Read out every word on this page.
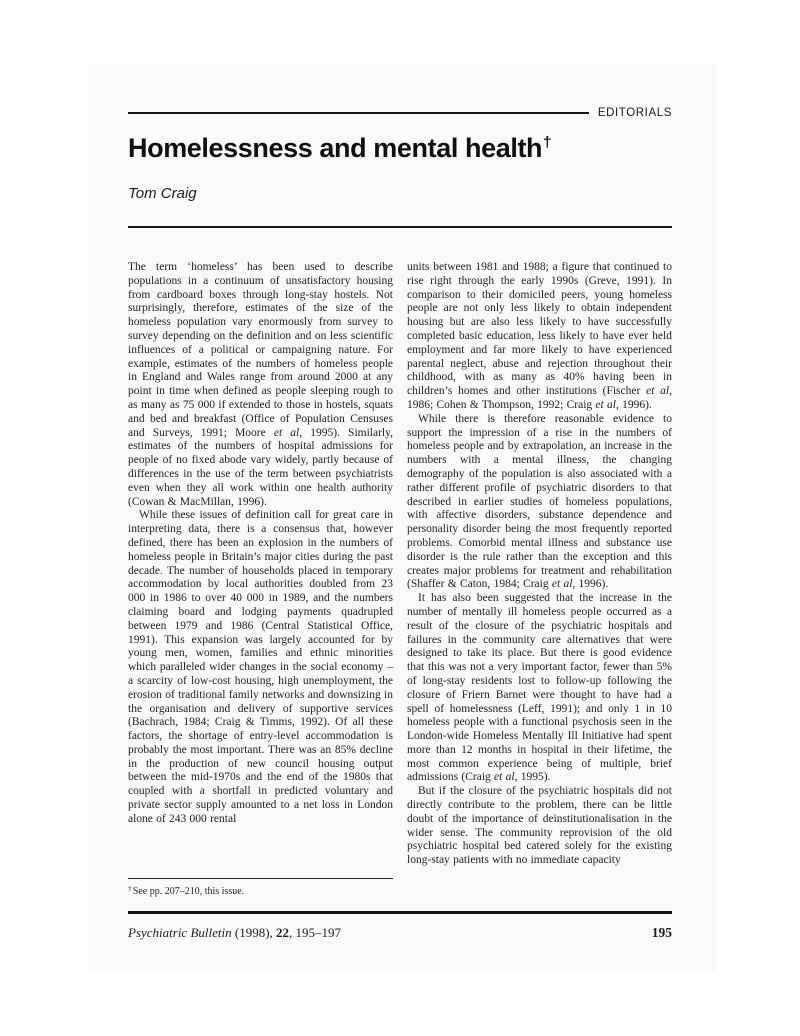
EDITORIALS
Homelessness and mental health†
Tom Craig

The term ‘homeless’ has been used to describe populations in a continuum of unsatisfactory housing from cardboard boxes through long-stay hostels. Not surprisingly, therefore, estimates of the size of the homeless population vary enormously from survey to survey depending on the definition and on less scientific influences of a political or campaigning nature. For example, estimates of the numbers of homeless people in England and Wales range from around 2000 at any point in time when defined as people sleeping rough to as many as 75 000 if extended to those in hostels, squats and bed and breakfast (Office of Population Censuses and Surveys, 1991; Moore et al, 1995). Similarly, estimates of the numbers of hospital admissions for people of no fixed abode vary widely, partly because of differences in the use of the term between psychiatrists even when they all work within one health authority (Cowan & MacMillan, 1996).

While these issues of definition call for great care in interpreting data, there is a consensus that, however defined, there has been an explosion in the numbers of homeless people in Britain’s major cities during the past decade. The number of households placed in temporary accommodation by local authorities doubled from 23 000 in 1986 to over 40 000 in 1989, and the numbers claiming board and lodging payments quadrupled between 1979 and 1986 (Central Statistical Office, 1991). This expansion was largely accounted for by young men, women, families and ethnic minorities which paralleled wider changes in the social economy – a scarcity of low-cost housing, high unemployment, the erosion of traditional family networks and downsizing in the organisation and delivery of supportive services (Bachrach, 1984; Craig & Timms, 1992). Of all these factors, the shortage of entry-level accommodation is probably the most important. There was an 85% decline in the production of new council housing output between the mid-1970s and the end of the 1980s that coupled with a shortfall in predicted voluntary and private sector supply amounted to a net loss in London alone of 243 000 rental

units between 1981 and 1988; a figure that continued to rise right through the early 1990s (Greve, 1991). In comparison to their domiciled peers, young homeless people are not only less likely to obtain independent housing but are also less likely to have successfully completed basic education, less likely to have ever held employment and far more likely to have experienced parental neglect, abuse and rejection throughout their childhood, with as many as 40% having been in children’s homes and other institutions (Fischer et al, 1986; Cohen & Thompson, 1992; Craig et al, 1996).

While there is therefore reasonable evidence to support the impression of a rise in the numbers of homeless people and by extrapolation, an increase in the numbers with a mental illness, the changing demography of the population is also associated with a rather different profile of psychiatric disorders to that described in earlier studies of homeless populations, with affective disorders, substance dependence and personality disorder being the most frequently reported problems. Comorbid mental illness and substance use disorder is the rule rather than the exception and this creates major problems for treatment and rehabilitation (Shaffer & Caton, 1984; Craig et al, 1996).

It has also been suggested that the increase in the number of mentally ill homeless people occurred as a result of the closure of the psychiatric hospitals and failures in the community care alternatives that were designed to take its place. But there is good evidence that this was not a very important factor, fewer than 5% of long-stay residents lost to follow-up following the closure of Friern Barnet were thought to have had a spell of homelessness (Leff, 1991); and only 1 in 10 homeless people with a functional psychosis seen in the London-wide Homeless Mentally Ill Initiative had spent more than 12 months in hospital in their lifetime, the most common experience being of multiple, brief admissions (Craig et al, 1995).

But if the closure of the psychiatric hospitals did not directly contribute to the problem, there can be little doubt of the importance of deinstitutionalisation in the wider sense. The community reprovision of the old psychiatric hospital bed catered solely for the existing long-stay patients with no immediate capacity

†See pp. 207–210, this issue.
Psychiatric Bulletin (1998), 22, 195–197	195
